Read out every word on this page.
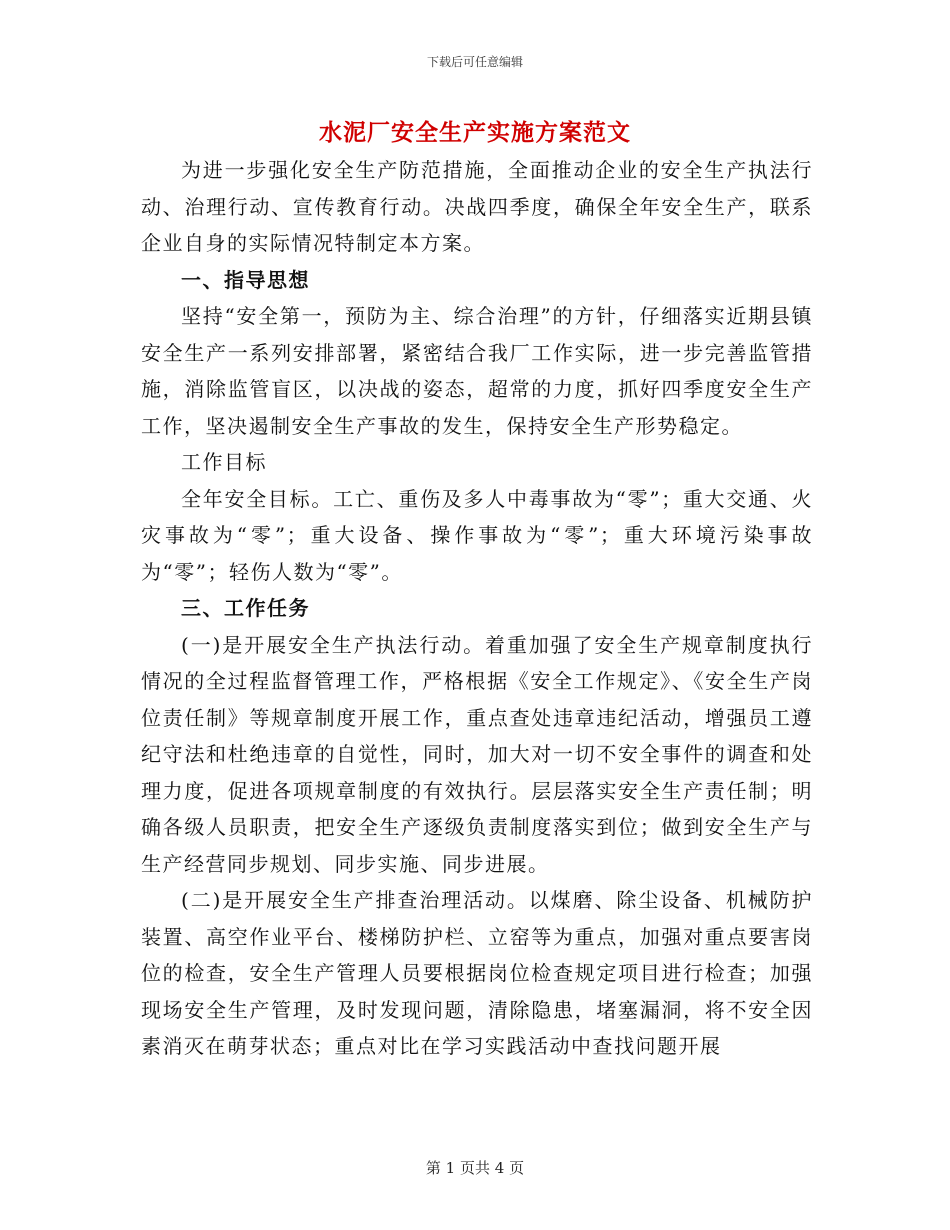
下载后可任意编辑
水泥厂安全生产实施方案范文

为进一步强化安全生产防范措施，全面推动企业的安全生产执法行动、治理行动、宣传教育行动。决战四季度，确保全年安全生产，联系企业自身的实际情况特制定本方案。

一、指导思想

坚持“安全第一，预防为主、综合治理”的方针，仔细落实近期县镇安全生产一系列安排部署，紧密结合我厂工作实际，进一步完善监管措施，消除监管盲区，以决战的姿态，超常的力度，抓好四季度安全生产工作，坚决遏制安全生产事故的发生，保持安全生产形势稳定。

工作目标

全年安全目标。工亡、重伤及多人中毒事故为“零”；重大交通、火灾事故为“零”；重大设备、操作事故为“零”；重大环境污染事故为“零”；轻伤人数为“零”。

三、工作任务

(一)是开展安全生产执法行动。着重加强了安全生产规章制度执行情况的全过程监督管理工作，严格根据《安全工作规定》、《安全生产岗位责任制》等规章制度开展工作，重点查处违章违纪活动，增强员工遵纪守法和杜绝违章的自觉性，同时，加大对一切不安全事件的调查和处理力度，促进各项规章制度的有效执行。层层落实安全生产责任制；明确各级人员职责，把安全生产逐级负责制度落实到位；做到安全生产与生产经营同步规划、同步实施、同步进展。

(二)是开展安全生产排查治理活动。以煤磨、除尘设备、机械防护装置、高空作业平台、楼梯防护栏、立窑等为重点，加强对重点要害岗位的检查，安全生产管理人员要根据岗位检查规定项目进行检查；加强现场安全生产管理，及时发现问题，清除隐患，堵塞漏洞，将不安全因素消灭在萌芽状态；重点对比在学习实践活动中查找问题开展

第 1 页共 4 页
